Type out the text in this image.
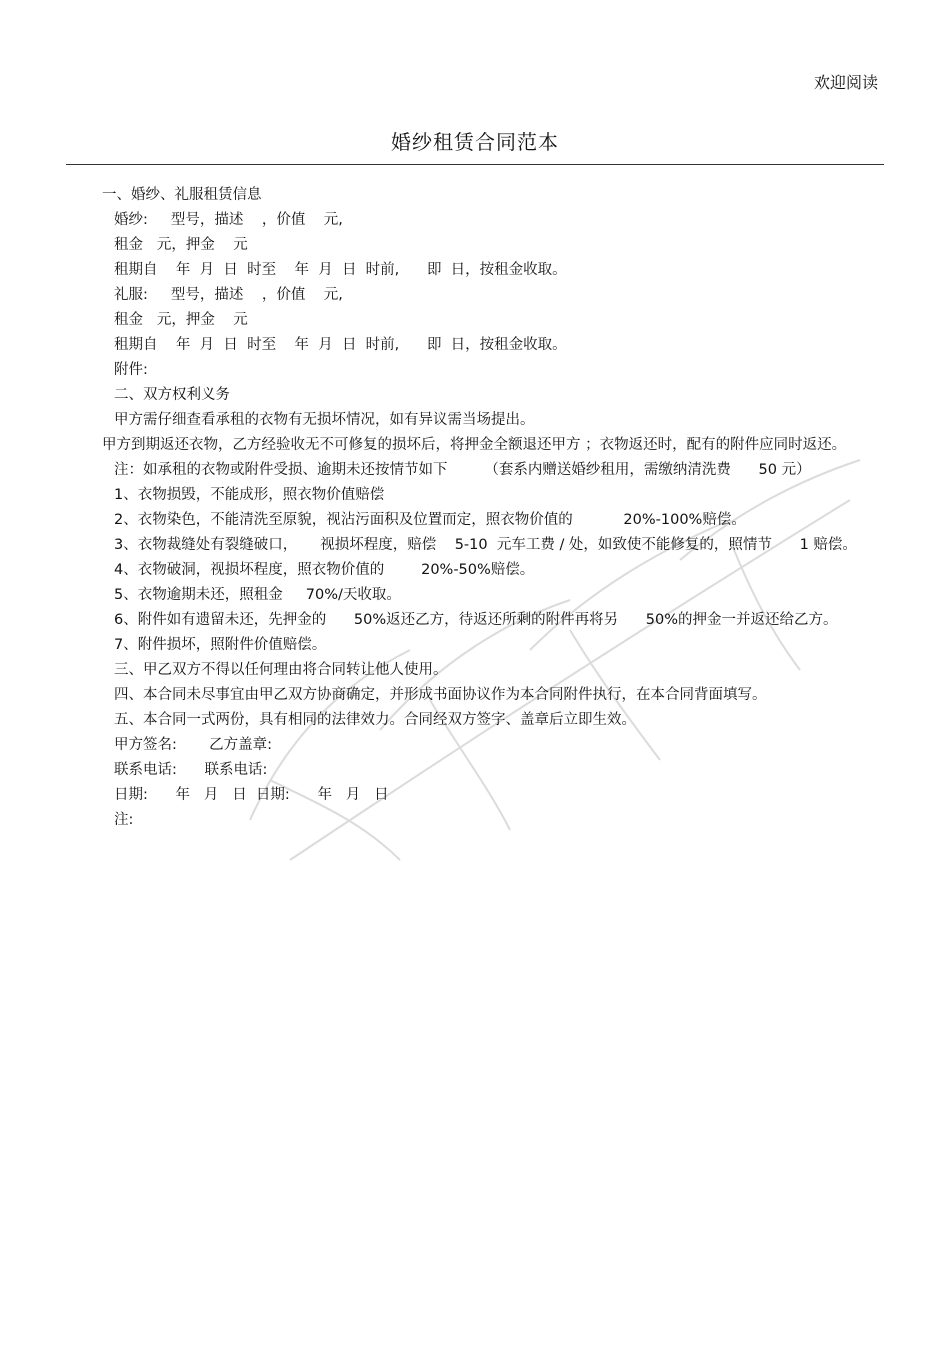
欢迎阅读
婚纱租赁合同范本
一、婚纱、礼服租赁信息
婚纱:     型号，描述    ，价值    元,
租金   元，押金    元
租期自    年  月  日  时至    年  月  日  时前,      即  日，按租金收取。
礼服:     型号，描述    ，价值    元,
租金   元，押金    元
租期自    年  月  日  时至    年  月  日  时前,      即  日，按租金收取。
附件:
二、双方权利义务
甲方需仔细查看承租的衣物有无损坏情况，如有异议需当场提出。
甲方到期返还衣物，乙方经验收无不可修复的损坏后，将押金全额退还甲方 ；衣物返还时，配有的附件应同时返还。
注：如承租的衣物或附件受损、逾期未还按情节如下        （套系内赠送婚纱租用，需缴纳清洗费      50 元）
1、衣物损毁，不能成形，照衣物价值赔偿
2、衣物染色，不能清洗至原貌，视沾污面积及位置而定，照衣物价值的           20%-100%赔偿。
3、衣物裁缝处有裂缝破口，     视损坏程度，赔偿    5-10  元车工费 / 处，如致使不能修复的，照情节      1 赔偿。
4、衣物破洞，视损坏程度，照衣物价值的        20%-50%赔偿。
5、衣物逾期未还，照租金     70%/天收取。
6、附件如有遗留未还，先押金的      50%返还乙方，待返还所剩的附件再将另      50%的押金一并返还给乙方。
7、附件损坏，照附件价值赔偿。
三、甲乙双方不得以任何理由将合同转让他人使用。
四、本合同未尽事宜由甲乙双方协商确定，并形成书面协议作为本合同附件执行，在本合同背面填写。
五、本合同一式两份，具有相同的法律效力。合同经双方签字、盖章后立即生效。
甲方签名:       乙方盖章:
联系电话:      联系电话:
日期:      年   月   日  日期:      年   月   日
注:
